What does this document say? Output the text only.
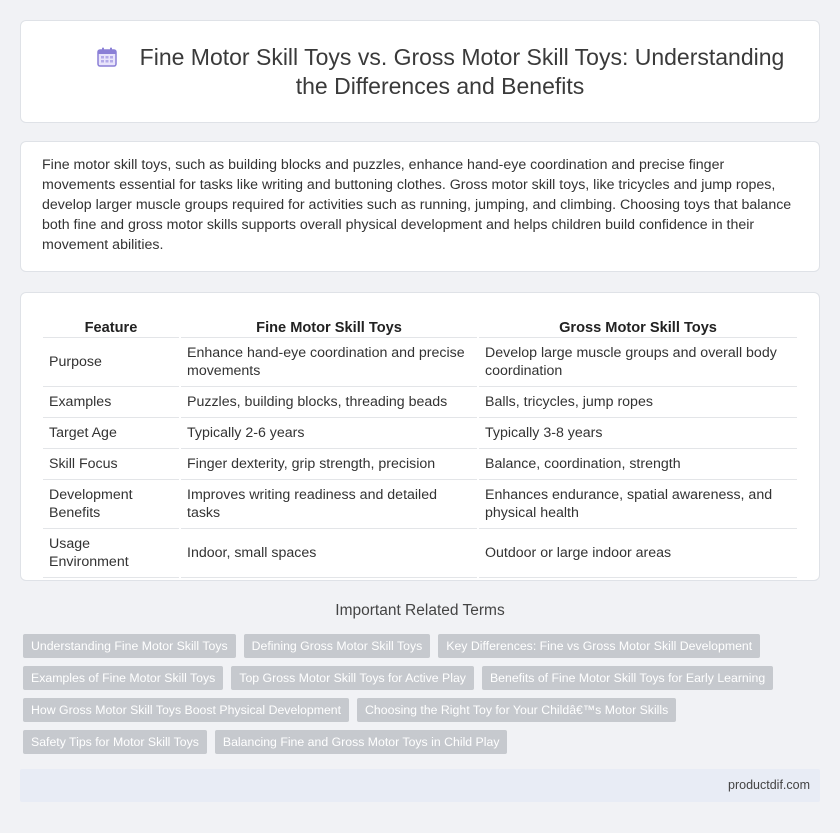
Fine Motor Skill Toys vs. Gross Motor Skill Toys: Understanding
the Differences and Benefits

Fine motor skill toys, such as building blocks and puzzles, enhance hand-eye coordination and precise finger movements essential for tasks like writing and buttoning clothes. Gross motor skill toys, like tricycles and jump ropes, develop larger muscle groups required for activities such as running, jumping, and climbing. Choosing toys that balance both fine and gross motor skills supports overall physical development and helps children build confidence in their movement abilities.

Feature	Fine Motor Skill Toys	Gross Motor Skill Toys
Purpose	Enhance hand-eye coordination and precise movements	Develop large muscle groups and overall body coordination
Examples	Puzzles, building blocks, threading beads	Balls, tricycles, jump ropes
Target Age	Typically 2-6 years	Typically 3-8 years
Skill Focus	Finger dexterity, grip strength, precision	Balance, coordination, strength
Development Benefits	Improves writing readiness and detailed tasks	Enhances endurance, spatial awareness, and physical health
Usage Environment	Indoor, small spaces	Outdoor or large indoor areas
Important Related Terms
Understanding Fine Motor Skill Toys	Defining Gross Motor Skill Toys	Key Differences: Fine vs Gross Motor Skill Development
Examples of Fine Motor Skill Toys	Top Gross Motor Skill Toys for Active Play	Benefits of Fine Motor Skill Toys for Early Learning
How Gross Motor Skill Toys Boost Physical Development	Choosing the Right Toy for Your Childâ€™s Motor Skills
Safety Tips for Motor Skill Toys	Balancing Fine and Gross Motor Toys in Child Play
productdif.com
